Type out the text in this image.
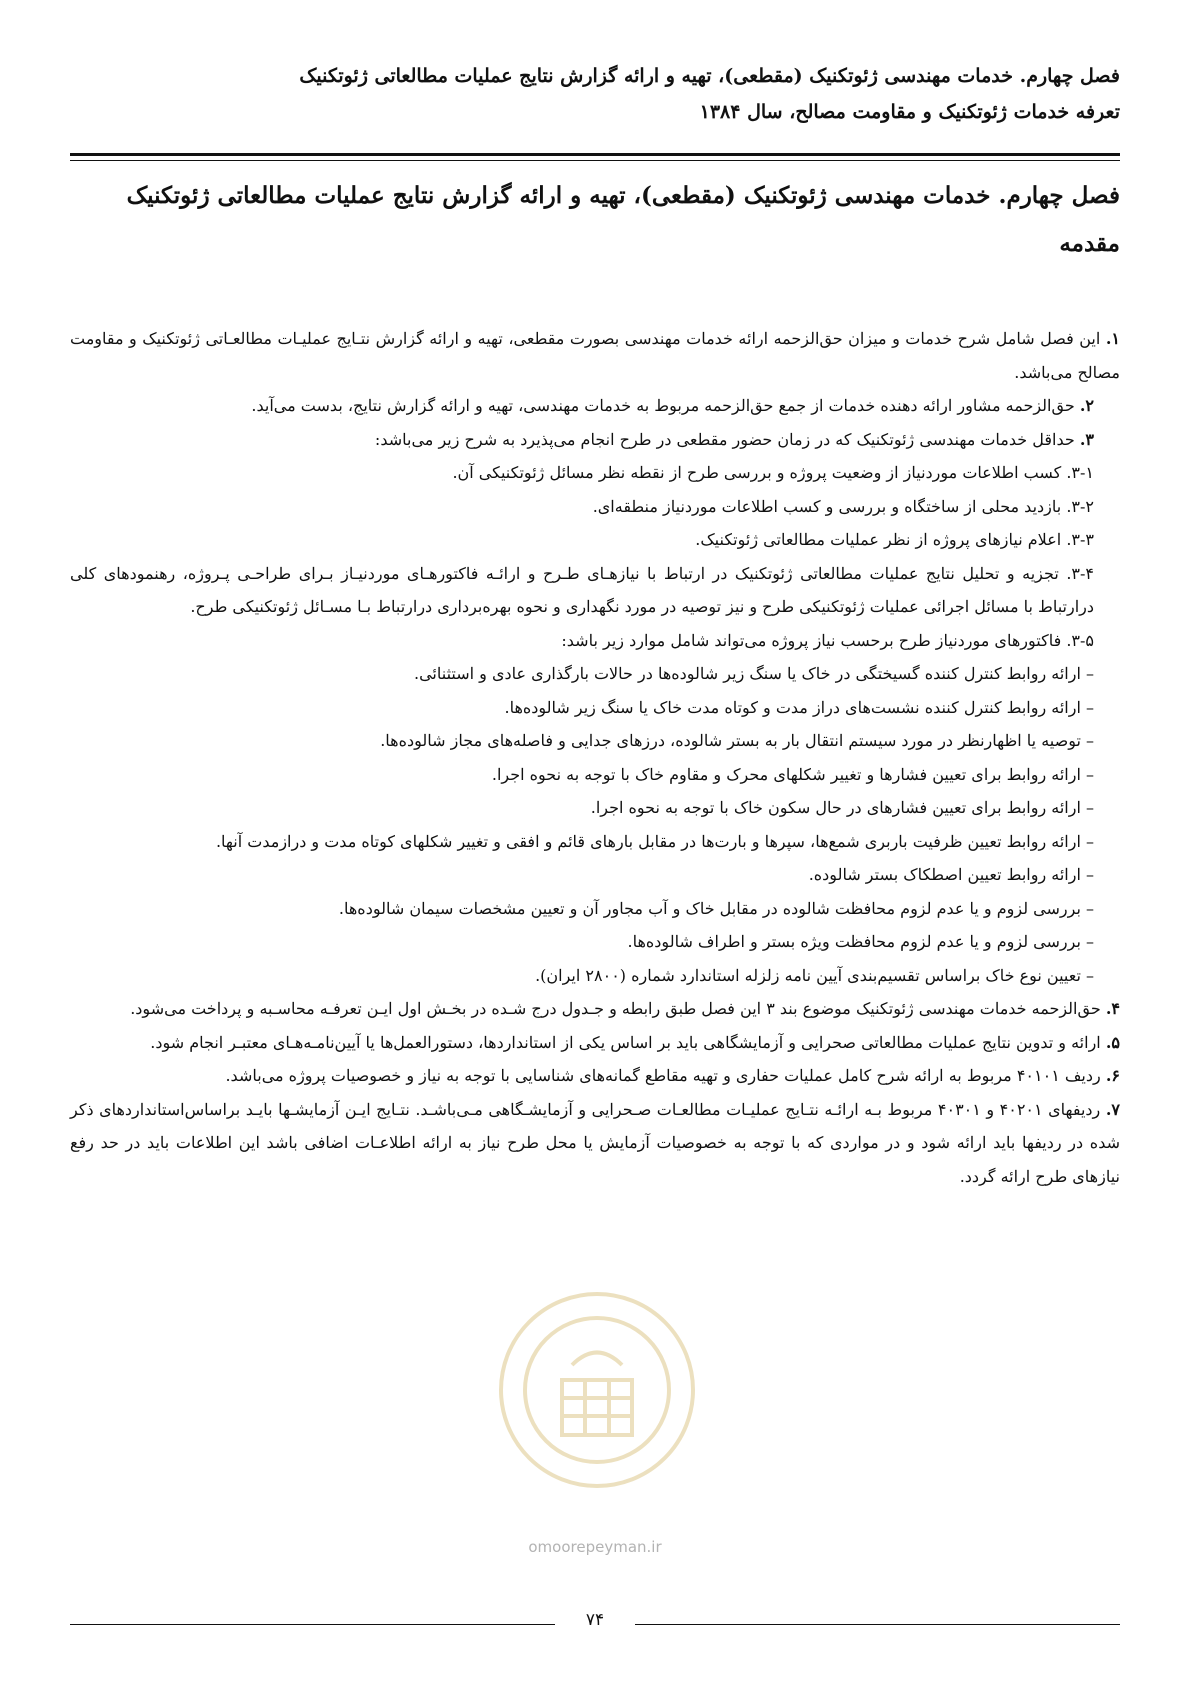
فصل چهارم. خدمات مهندسی ژئوتکنیک (مقطعی)، تهیه و ارائه گزارش نتایج عملیات مطالعاتی ژئوتکنیک
تعرفه خدمات ژئوتکنیک و مقاومت مصالح، سال ۱۳۸۴
فصل چهارم. خدمات مهندسی ژئوتکنیک (مقطعی)، تهیه و ارائه گزارش نتایج عملیات مطالعاتی ژئوتکنیک
مقدمه

۱. این فصل شامل شرح خدمات و میزان حق‌الزحمه ارائه خدمات مهندسی بصورت مقطعی، تهیه و ارائه گزارش نتـایج عملیـات مطالعـاتی ژئوتکنیک و مقاومت مصالح می‌باشد.

۲. حق‌الزحمه مشاور ارائه دهنده خدمات از جمع حق‌الزحمه مربوط به خدمات مهندسی، تهیه و ارائه گزارش نتایج، بدست می‌آید.

۳. حداقل خدمات مهندسی ژئوتکنیک که در زمان حضور مقطعی در طرح انجام می‌پذیرد به شرح زیر می‌باشد:

۳-۱. کسب اطلاعات موردنیاز از وضعیت پروژه و بررسی طرح از نقطه نظر مسائل ژئوتکنیکی آن.

۳-۲. بازدید محلی از ساختگاه و بررسی و کسب اطلاعات موردنیاز منطقه‌ای.

۳-۳. اعلام نیازهای پروژه از نظر عملیات مطالعاتی ژئوتکنیک.

۳-۴. تجزیه و تحلیل نتایج عملیات مطالعاتی ژئوتکنیک در ارتباط با نیازهـای طـرح و ارائـه فاکتورهـای موردنیـاز بـرای طراحـی پـروژه، رهنمودهای کلی درارتباط با مسائل اجرائی عملیات ژئوتکنیکی طرح و نیز توصیه در مورد نگهداری و نحوه بهره‌برداری درارتباط بـا مسـائل ژئوتکنیکی طرح.

۳-۵. فاکتورهای موردنیاز طرح برحسب نیاز پروژه می‌تواند شامل موارد زیر باشد:

– ارائه روابط کنترل کننده گسیختگی در خاک یا سنگ زیر شالوده‌ها در حالات بارگذاری عادی و استثنائی.

– ارائه روابط کنترل کننده نشست‌های دراز مدت و کوتاه مدت خاک یا سنگ زیر شالوده‌ها.

– توصیه یا اظهارنظر در مورد سیستم انتقال بار به بستر شالوده، درزهای جدایی و فاصله‌های مجاز شالوده‌ها.

– ارائه روابط برای تعیین فشارها و تغییر شکلهای محرک و مقاوم خاک با توجه به نحوه اجرا.

– ارائه روابط برای تعیین فشارهای در حال سکون خاک با توجه به نحوه اجرا.

– ارائه روابط تعیین ظرفیت باربری شمع‌ها، سپرها و بارت‌ها در مقابل بارهای قائم و افقی و تغییر شکلهای کوتاه مدت و درازمدت آنها.

– ارائه روابط تعیین اصطکاک بستر شالوده.

– بررسی لزوم و یا عدم لزوم محافظت شالوده در مقابل خاک و آب مجاور آن و تعیین مشخصات سیمان شالوده‌ها.

– بررسی لزوم و یا عدم لزوم محافظت ویژه بستر و اطراف شالوده‌ها.

– تعیین نوع خاک براساس تقسیم‌بندی آیین نامه زلزله استاندارد شماره (۲۸۰۰ ایران).

۴. حق‌الزحمه خدمات مهندسی ژئوتکنیک موضوع بند ۳ این فصل طبق رابطه و جـدول درج شـده در بخـش اول ایـن تعرفـه محاسـبه و پرداخت می‌شود.

۵. ارائه و تدوین نتایج عملیات مطالعاتی صحرایی و آزمایشگاهی باید بر اساس یکی از استانداردها، دستورالعمل‌ها یا آیین‌نامـه‌هـای معتبـر انجام شود.

۶. ردیف ۴۰۱۰۱ مربوط به ارائه شرح کامل عملیات حفاری و تهیه مقاطع گمانه‌های شناسایی با توجه به نیاز و خصوصیات پروژه می‌باشد.

۷. ردیفهای ۴۰۲۰۱ و ۴۰۳۰۱ مربوط بـه ارائـه نتـایج عملیـات مطالعـات صـحرایی و آزمایشـگاهی مـی‌باشـد. نتـایج ایـن آزمایشـها بایـد براساس‌استانداردهای ذکر شده در ردیفها باید ارائه شود و در مواردی که با توجه به خصوصیات آزمایش یا محل طرح نیاز به ارائه اطلاعـات اضافی باشد این اطلاعات باید در حد رفع نیازهای طرح ارائه گردد.

omoorepeyman.ir
۷۴
